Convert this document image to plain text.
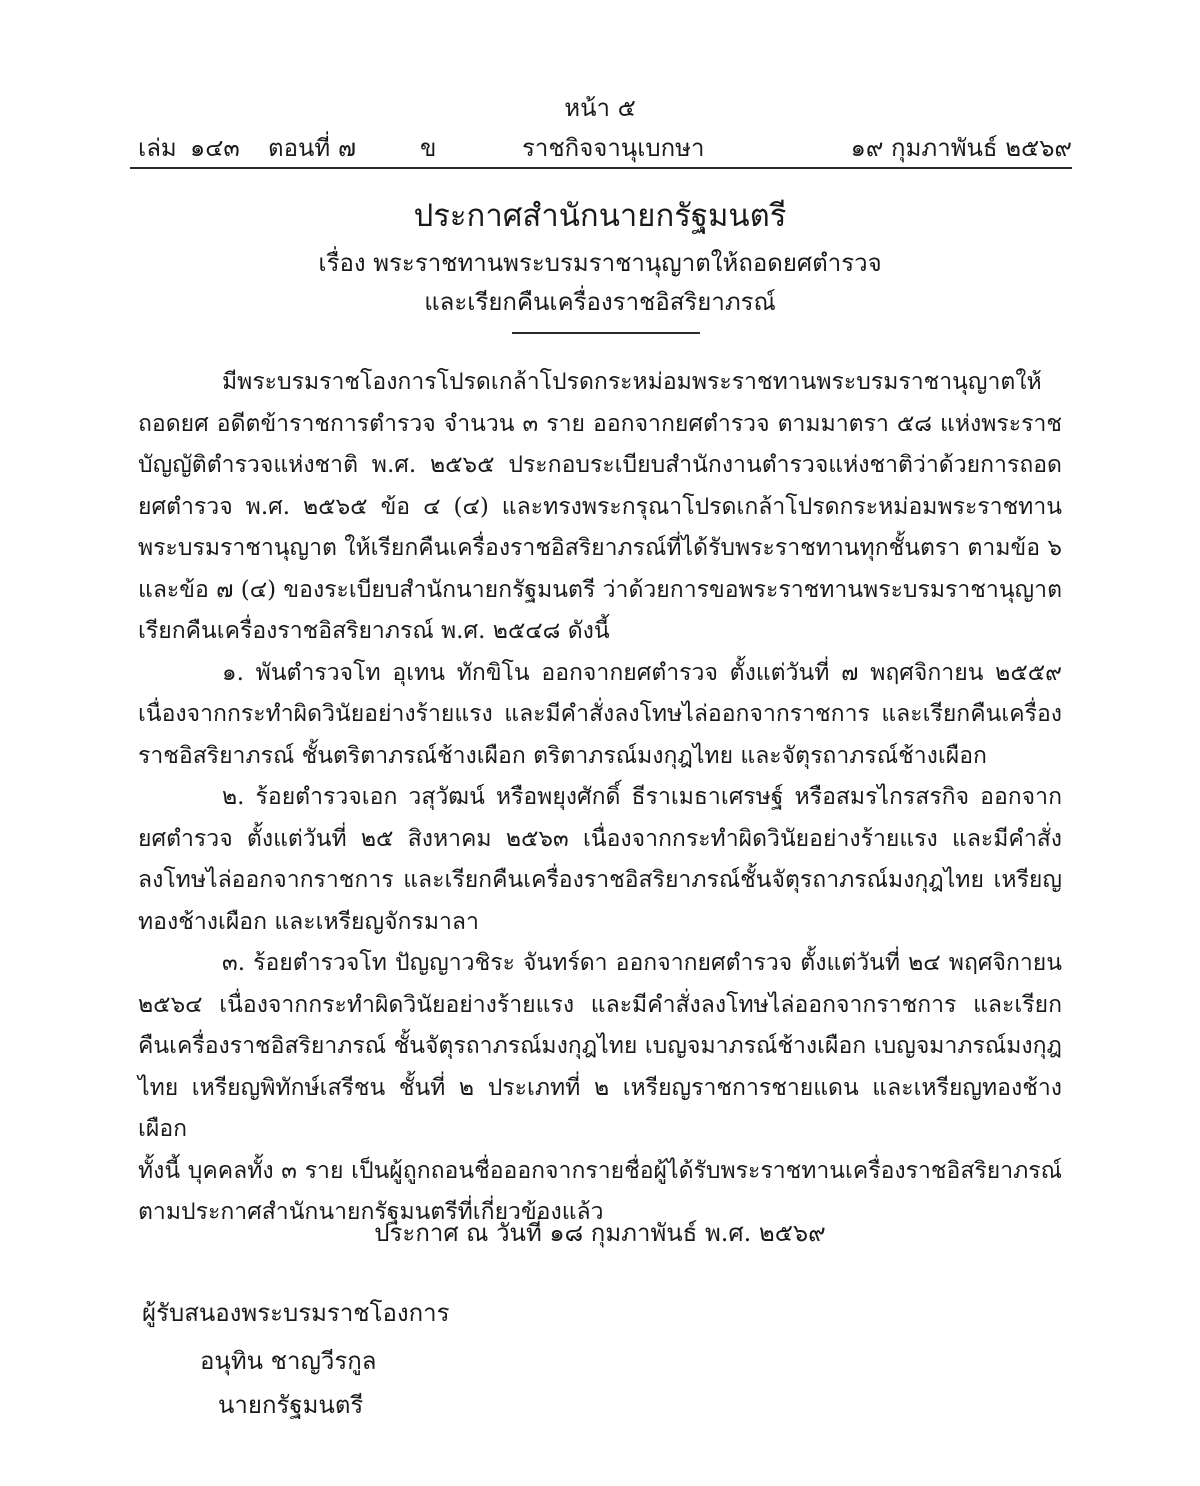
หน้า ๕
เล่ม ๑๔๓ ตอนที่ ๗	ข	ราชกิจจานุเบกษา	๑๙ กุมภาพันธ์ ๒๕๖๙
ประกาศสำนักนายกรัฐมนตรี
เรื่อง พระราชทานพระบรมราชานุญาตให้ถอดยศตำรวจ
และเรียกคืนเครื่องราชอิสริยาภรณ์

มีพระบรมราชโองการโปรดเกล้าโปรดกระหม่อมพระราชทานพระบรมราชานุญาตให้ถอดยศ อดีตข้าราชการตำรวจ จำนวน ๓ ราย ออกจากยศตำรวจ ตามมาตรา ๕๘ แห่งพระราชบัญญัติตำรวจแห่งชาติ พ.ศ. ๒๕๖๕ ประกอบระเบียบสำนักงานตำรวจแห่งชาติว่าด้วยการถอดยศตำรวจ พ.ศ. ๒๕๖๕ ข้อ ๔ (๔) และทรงพระกรุณาโปรดเกล้าโปรดกระหม่อมพระราชทานพระบรมราชานุญาต ให้เรียกคืนเครื่องราชอิสริยาภรณ์ที่ได้รับพระราชทานทุกชั้นตรา ตามข้อ ๖ และข้อ ๗ (๔) ของระเบียบสำนักนายกรัฐมนตรี ว่าด้วยการขอพระราชทานพระบรมราชานุญาตเรียกคืนเครื่องราชอิสริยาภรณ์ พ.ศ. ๒๕๔๘ ดังนี้

๑. พันตำรวจโท อุเทน ทักขิโน ออกจากยศตำรวจ ตั้งแต่วันที่ ๗ พฤศจิกายน ๒๕๕๙ เนื่องจากกระทำผิดวินัยอย่างร้ายแรง และมีคำสั่งลงโทษไล่ออกจากราชการ และเรียกคืนเครื่องราชอิสริยาภรณ์ ชั้นตริตาภรณ์ช้างเผือก ตริตาภรณ์มงกุฎไทย และจัตุรถาภรณ์ช้างเผือก

๒. ร้อยตำรวจเอก วสุวัฒน์ หรือพยุงศักดิ์ ธีราเมธาเศรษฐ์ หรือสมรไกรสรกิจ ออกจากยศตำรวจ ตั้งแต่วันที่ ๒๕ สิงหาคม ๒๕๖๓ เนื่องจากกระทำผิดวินัยอย่างร้ายแรง และมีคำสั่งลงโทษไล่ออกจากราชการ และเรียกคืนเครื่องราชอิสริยาภรณ์ชั้นจัตุรถาภรณ์มงกุฎไทย เหรียญทองช้างเผือก และเหรียญจักรมาลา

๓. ร้อยตำรวจโท ปัญญาวชิระ จันทร์ดา ออกจากยศตำรวจ ตั้งแต่วันที่ ๒๔ พฤศจิกายน ๒๕๖๔ เนื่องจากกระทำผิดวินัยอย่างร้ายแรง และมีคำสั่งลงโทษไล่ออกจากราชการ และเรียกคืนเครื่องราชอิสริยาภรณ์ ชั้นจัตุรถาภรณ์มงกุฎไทย เบญจมาภรณ์ช้างเผือก เบญจมาภรณ์มงกุฎไทย เหรียญพิทักษ์เสรีชน ชั้นที่ ๒ ประเภทที่ ๒ เหรียญราชการชายแดน และเหรียญทองช้างเผือก

ทั้งนี้ บุคคลทั้ง ๓ ราย เป็นผู้ถูกถอนชื่อออกจากรายชื่อผู้ได้รับพระราชทานเครื่องราชอิสริยาภรณ์ ตามประกาศสำนักนายกรัฐมนตรีที่เกี่ยวข้องแล้ว

ประกาศ ณ วันที่ ๑๘ กุมภาพันธ์ พ.ศ. ๒๕๖๙
ผู้รับสนองพระบรมราชโองการ
อนุทิน ชาญวีรกูล
นายกรัฐมนตรี
